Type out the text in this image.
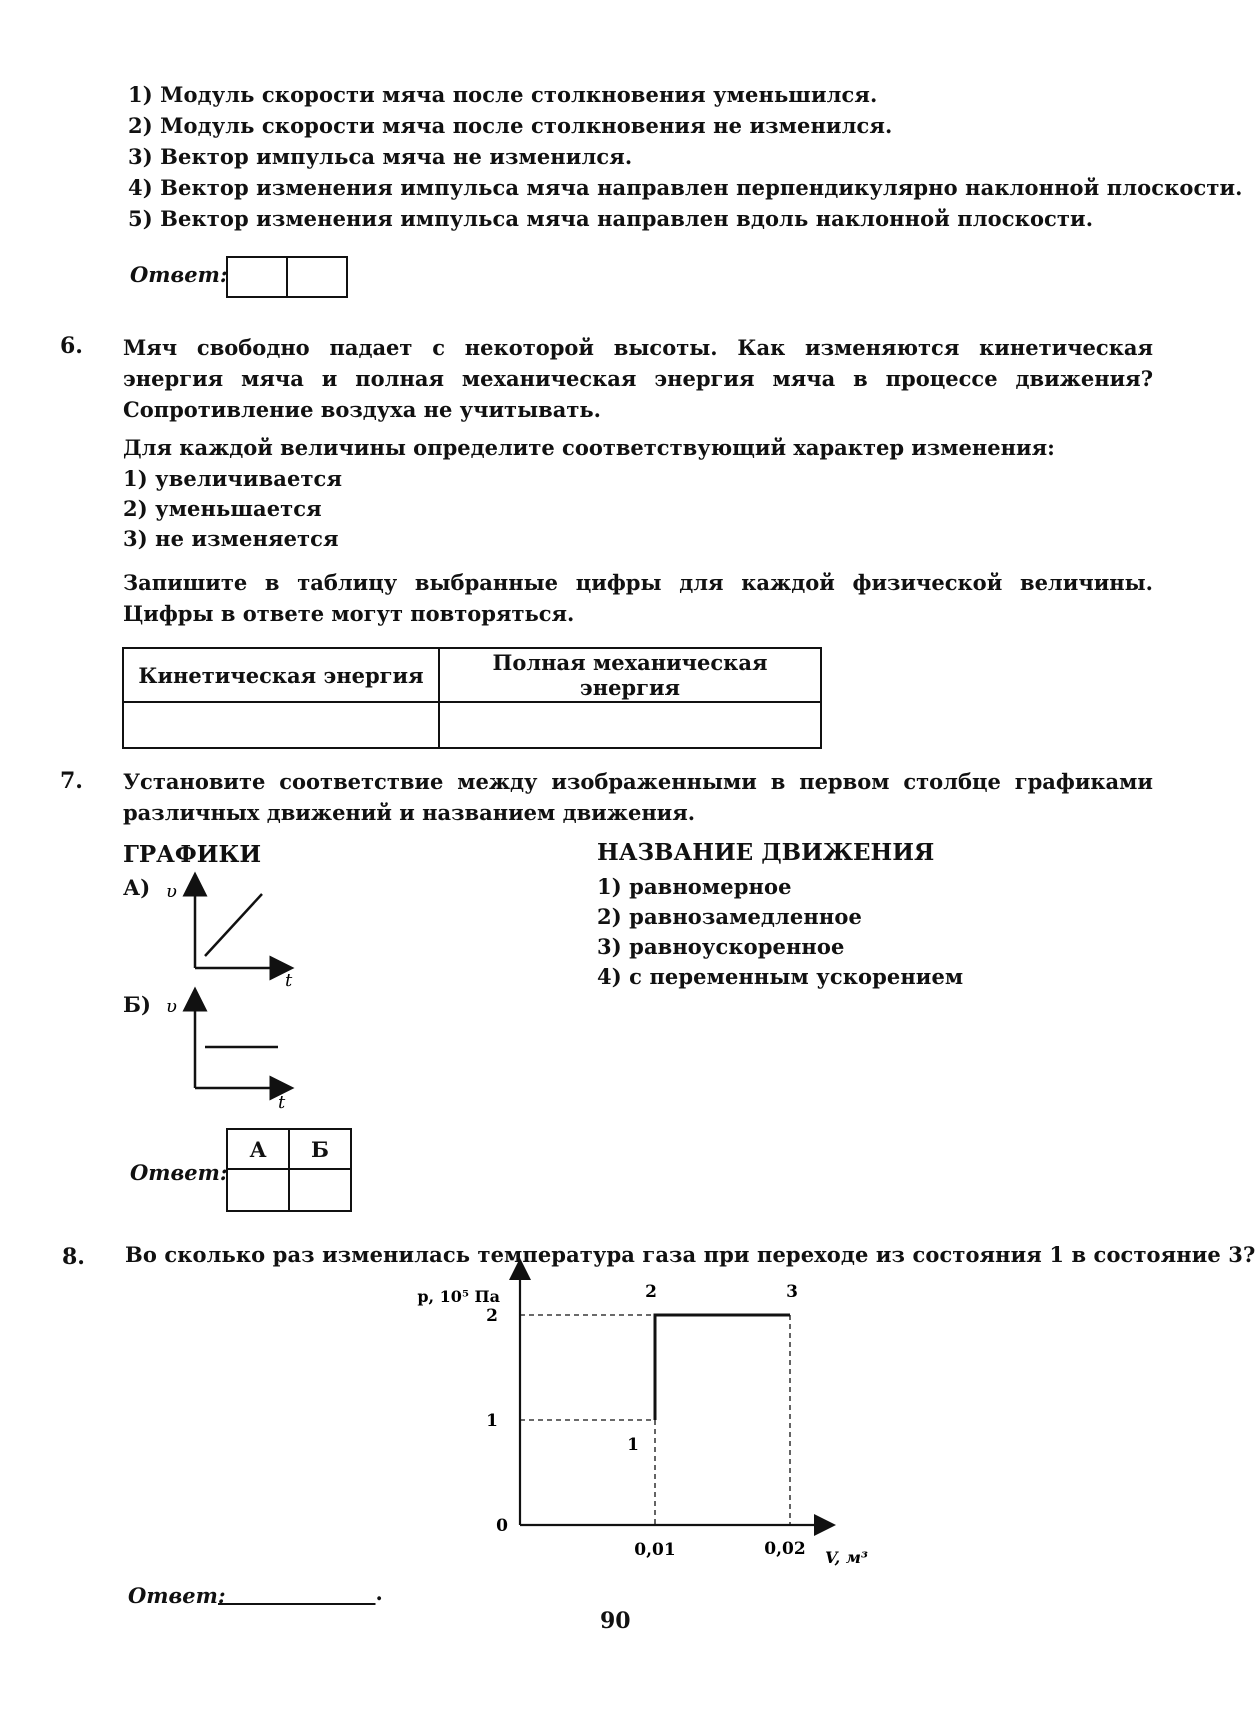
1) Модуль скорости мяча после столкновения уменьшился.
2) Модуль скорости мяча после столкновения не изменился.
3) Вектор импульса мяча не изменился.
4) Вектор изменения импульса мяча направлен перпендикулярно наклонной плоскости.
5) Вектор изменения импульса мяча направлен вдоль наклонной плоскости.
Ответ:
6. Мяч свободно падает с некоторой высоты. Как изменяются кинетическая энергия мяча и полная механическая энергия мяча в процессе движения? Сопротивление воздуха не учитывать.
Для каждой величины определите соответствующий характер изменения:
1) увеличивается
2) уменьшается
3) не изменяется
Запишите в таблицу выбранные цифры для каждой физической величины. Цифры в ответе могут повторяться.
Кинетическая энергия	Полная механическая энергия

7. Установите соответствие между изображенными в первом столбце графиками различных движений и названием движения.
ГРАФИКИ	НАЗВАНИЕ ДВИЖЕНИЯ
1) равномерное
2) равнозамедленное
3) равноускоренное
4) с переменным ускорением
А) υ
t
Б) υ
t
Ответ:
А	Б

8. Во сколько раз изменилась температура газа при переходе из состояния 1 в состояние 3?
0
1
2
0,01	0,02 V, м³
p, 10⁵ Па
1
2	3
Ответ:
_______________.
90
